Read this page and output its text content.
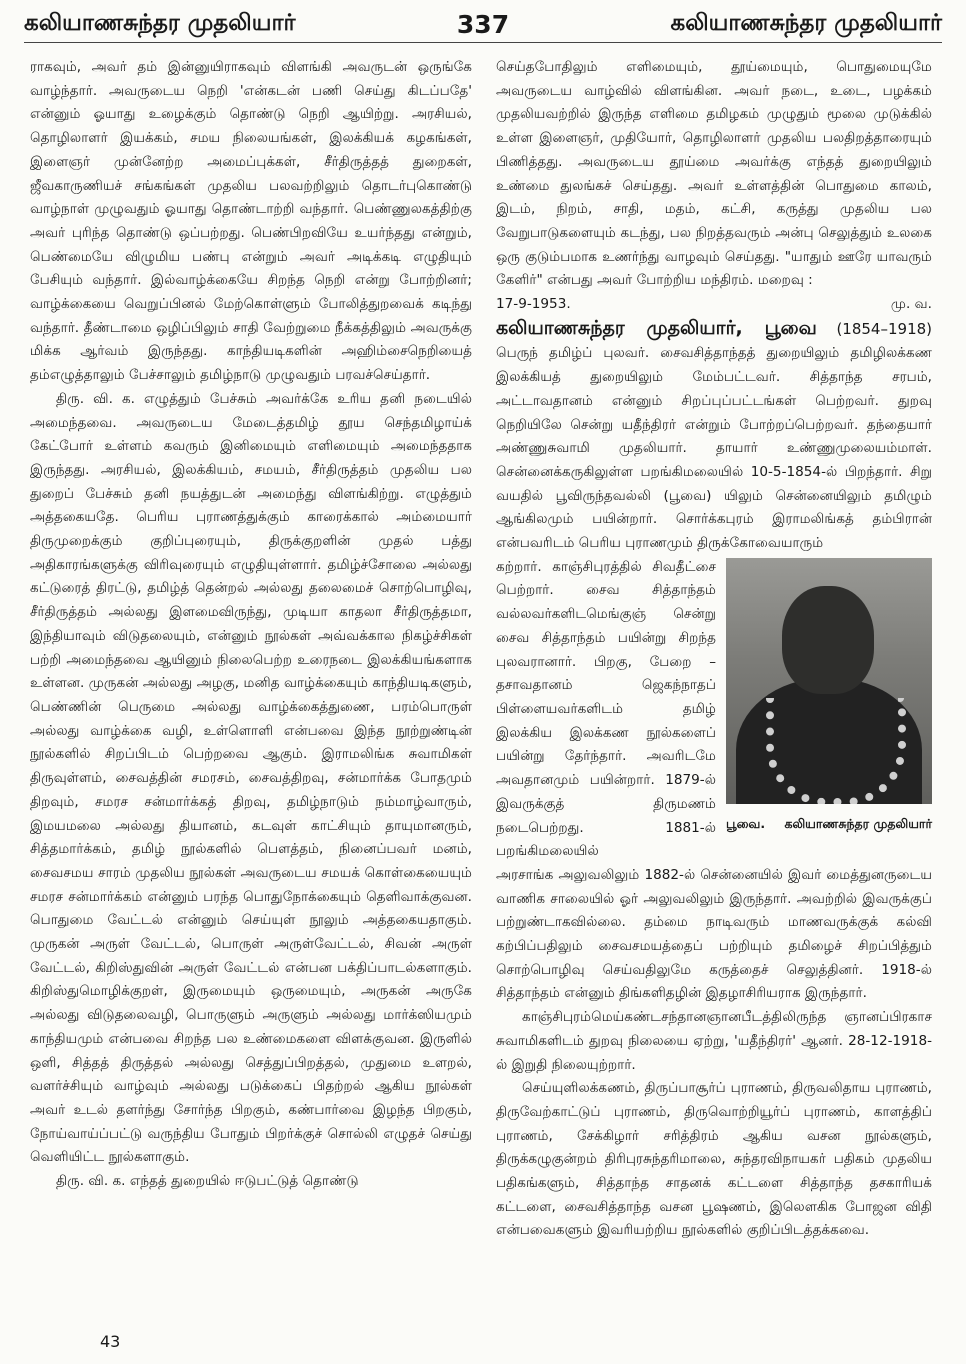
கலியாணசுந்தர முதலியார்	337	கலியாணசுந்தர முதலியார்

ராகவும், அவர் தம் இன்னுயிராகவும் விளங்கி அவருடன் ஒருங்கே வாழ்ந்தார். அவருடைய நெறி 'என்கடன் பணி செய்து கிடப்பதே' என்னும் ஓயாது உழைக்கும் தொண்டு நெறி ஆயிற்று. அரசியல், தொழிலாளர் இயக்கம், சமய நிலையங்கள், இலக்கியக் கழகங்கள், இளைஞர் முன்னேற்ற அமைப்புக்கள், சீர்திருத்தத் துறைகள், ஜீவகாருணியச் சங்கங்கள் முதலிய பலவற்றிலும் தொடர்புகொண்டு வாழ்நாள் முழுவதும் ஓயாது தொண்டாற்றி வந்தார். பெண்ணுலகத்திற்கு அவர் புரிந்த தொண்டு ஒப்பற்றது. பெண்பிறவியே உயர்ந்தது என்றும், பெண்மையே விழுமிய பண்பு என்றும் அவர் அடிக்கடி எழுதியும் பேசியும் வந்தார். இல்வாழ்க்கையே சிறந்த நெறி என்று போற்றினர்; வாழ்க்கையை வெறுப்பினல் மேற்கொள்ளும் போலித்துறவைக் கடிந்து வந்தார். தீண்டாமை ஒழிப்பிலும் சாதி வேற்றுமை நீக்கத்திலும் அவருக்கு மிக்க ஆர்வம் இருந்தது. காந்தியடிகளின் அஹிம்சைநெறியைத் தம்எழுத்தாலும் பேச்சாலும் தமிழ்நாடு முழுவதும் பரவச்செய்தார்.

திரு. வி. க. எழுத்தும் பேச்சும் அவர்க்கே உரிய தனி நடையில் அமைந்தவை. அவருடைய மேடைத்தமிழ் தூய செந்தமிழாய்க் கேட்போர் உள்ளம் கவரும் இனிமையும் எளிமையும் அமைந்ததாக இருந்தது. அரசியல், இலக்கியம், சமயம், சீர்திருத்தம் முதலிய பல துறைப் பேச்சும் தனி நயத்துடன் அமைந்து விளங்கிற்று. எழுத்தும் அத்தகையதே. பெரிய புராணத்துக்கும் காரைக்கால் அம்மையார் திருமுறைக்கும் குறிப்புரையும், திருக்குறளின் முதல் பத்து அதிகாரங்களுக்கு விரிவுரையும் எழுதியுள்ளார். தமிழ்ச்சோலை அல்லது கட்டுரைத் திரட்டு, தமிழ்த் தென்றல் அல்லது தலைமைச் சொற்பொழிவு, சீர்திருத்தம் அல்லது இளமைவிருந்து, முடியா காதலா சீர்திருத்தமா, இந்தியாவும் விடுதலையும், என்னும் நூல்கள் அவ்வக்கால நிகழ்ச்சிகள் பற்றி அமைந்தவை ஆயினும் நிலைபெற்ற உரைநடை இலக்கியங்களாக உள்ளன. முருகன் அல்லது அழகு, மனித வாழ்க்கையும் காந்தியடிகளும், பெண்ணின் பெருமை அல்லது வாழ்க்கைத்துணை, பரம்பொருள் அல்லது வாழ்க்கை வழி, உள்ளொளி என்பவை இந்த நூற்றுண்டின் நூல்களில் சிறப்பிடம் பெற்றவை ஆகும். இராமலிங்க சுவாமிகள் திருவுள்ளம், சைவத்தின் சமரசம், சைவத்திறவு, சன்மார்க்க போதமும் திறவும், சமரச சன்மார்க்கத் திறவு, தமிழ்நாடும் நம்மாழ்வாரும், இமயமலை அல்லது தியானம், கடவுள் காட்சியும் தாயுமானரும், சித்தமார்க்கம், தமிழ் நூல்களில் பௌத்தம், நினைப்பவர் மனம், சைவசமய சாரம் முதலிய நூல்கள் அவருடைய சமயக் கொள்கையையும் சமரச சன்மார்க்கம் என்னும் பரந்த பொதுநோக்கையும் தெளிவாக்குவன. பொதுமை வேட்டல் என்னும் செய்யுள் நூலும் அத்தகையதாகும். முருகன் அருள் வேட்டல், பொருள் அருள்வேட்டல், சிவன் அருள் வேட்டல், கிறிஸ்துவின் அருள் வேட்டல் என்பன பக்திப்பாடல்களாகும். கிறிஸ்துமொழிக்குறள், இருமையும் ஒருமையும், அருகன் அருகே அல்லது விடுதலைவழி, பொருளும் அருளும் அல்லது மார்க்ஸியமும் காந்தியமும் என்பவை சிறந்த பல உண்மைகளை விளக்குவன. இருளில் ஒளி, சித்தத் திருத்தல் அல்லது செத்துப்பிறத்தல், முதுமை உளறல், வளர்ச்சியும் வாழ்வும் அல்லது படுக்கைப் பிதற்றல் ஆகிய நூல்கள் அவர் உடல் தளர்ந்து சோர்ந்த பிறகும், கண்பார்வை இழந்த பிறகும், நோய்வாய்ப்பட்டு வருந்திய போதும் பிறர்க்குச் சொல்லி எழுதச் செய்து வெளியிட்ட நூல்களாகும்.

திரு. வி. க. எந்தத் துறையில் ஈடுபட்டுத் தொண்டு

செய்தபோதிலும் எளிமையும், தூய்மையும், பொதுமையுமே அவருடைய வாழ்வில் விளங்கின. அவர் நடை, உடை, பழக்கம் முதலியவற்றில் இருந்த எளிமை தமிழகம் முழுதும் மூலை முடுக்கில் உள்ள இளைஞர், முதியோர், தொழிலாளர் முதலிய பலதிறத்தாரையும் பிணித்தது. அவருடைய தூய்மை அவர்க்கு எந்தத் துறையிலும் உண்மை துலங்கச் செய்தது. அவர் உள்ளத்தின் பொதுமை காலம், இடம், நிறம், சாதி, மதம், கட்சி, கருத்து முதலிய பல வேறுபாடுகளையும் கடந்து, பல நிறத்தவரும் அன்பு செலுத்தும் உலகை ஒரு குடும்பமாக உணர்ந்து வாழவும் செய்தது. "யாதும் ஊரே யாவரும் கேளிர்" என்பது அவர் போற்றிய மந்திரம். மறைவு :

17-9-1953.	மு. வ.

கலியாணசுந்தர முதலியார், பூவை (1854–1918) பெருந் தமிழ்ப் புலவர். சைவசித்தாந்தத் துறையிலும் தமிழிலக்கண இலக்கியத் துறையிலும் மேம்பட்டவர். சித்தாந்த சரபம், அட்டாவதானம் என்னும் சிறப்புப்பட்டங்கள் பெற்றவர். துறவு நெறியிலே சென்று யதீந்திரர் என்றும் போற்றப்பெற்றவர். தந்தையார் அண்ணுசுவாமி முதலியார். தாயார் உண்ணுமுலையம்மாள். சென்னைக்கருகிலுள்ள பறங்கிமலையில் 10-5-1854-ல் பிறந்தார். சிறு வயதில் பூவிருந்தவல்லி (பூவை) யிலும் சென்னையிலும் தமிழும் ஆங்கிலமும் பயின்றார். சொர்க்கபுரம் இராமலிங்கத் தம்பிரான் என்பவரிடம் பெரிய புராணமும் திருக்கோவையாரும்

பூவை. கலியாணசுந்தர முதலியார்

கற்றார். காஞ்சிபுரத்தில் சிவதீட்சை பெற்றார். சைவ சித்தாந்தம் வல்லவர்களிடமெங்குஞ் சென்று சைவ சித்தாந்தம் பயின்று சிறந்த புலவரானார். பிறகு, பேறை – தசாவதானம் ஜெகந்நாதப் பிள்ளையவர்களிடம் தமிழ் இலக்கிய இலக்கண நூல்களைப் பயின்று தேர்ந்தார். அவரிடமே அவதானமும் பயின்றார். 1879-ல் இவருக்குத் திருமணம் நடைபெற்றது. 1881-ல் பறங்கிமலையில்

அரசாங்க அலுவலிலும் 1882-ல் சென்னையில் இவர் மைத்துனருடைய வாணிக சாலையில் ஓர் அலுவலிலும் இருந்தார். அவற்றில் இவருக்குப் பற்றுண்டாகவில்லை. தம்மை நாடிவரும் மாணவருக்குக் கல்வி கற்பிப்பதிலும் சைவசமயத்தைப் பற்றியும் தமிழைச் சிறப்பித்தும் சொற்பொழிவு செய்வதிலுமே கருத்தைச் செலுத்தினர். 1918-ல் சித்தாந்தம் என்னும் திங்களிதழின் இதழாசிரியராக இருந்தார்.

காஞ்சிபுரம்மெய்கண்டசந்தானஞானபீடத்திலிருந்த ஞானப்பிரகாச சுவாமிகளிடம் துறவு நிலையை ஏற்று, 'யதீந்திரர்' ஆனர். 28-12-1918-ல் இறுதி நிலையுற்றார்.

செய்யுளிலக்கணம், திருப்பாசூர்ப் புராணம், திருவலிதாய புராணம், திருவேற்காட்டுப் புராணம், திருவொற்றியூர்ப் புராணம், காளத்திப் புராணம், சேக்கிழார் சரித்திரம் ஆகிய வசன நூல்களும், திருக்கழுகுன்றம் திரிபுரசுந்தரிமாலை, சுந்தரவிநாயகர் பதிகம் முதலிய பதிகங்களும், சித்தாந்த சாதனக் கட்டளை சித்தாந்த தசகாரியக் கட்டளை, சைவசித்தாந்த வசன பூஷணம், இலௌகிக போஜன விதி என்பவைகளும் இவரியற்றிய நூல்களில் குறிப்பிடத்தக்கவை.

43
